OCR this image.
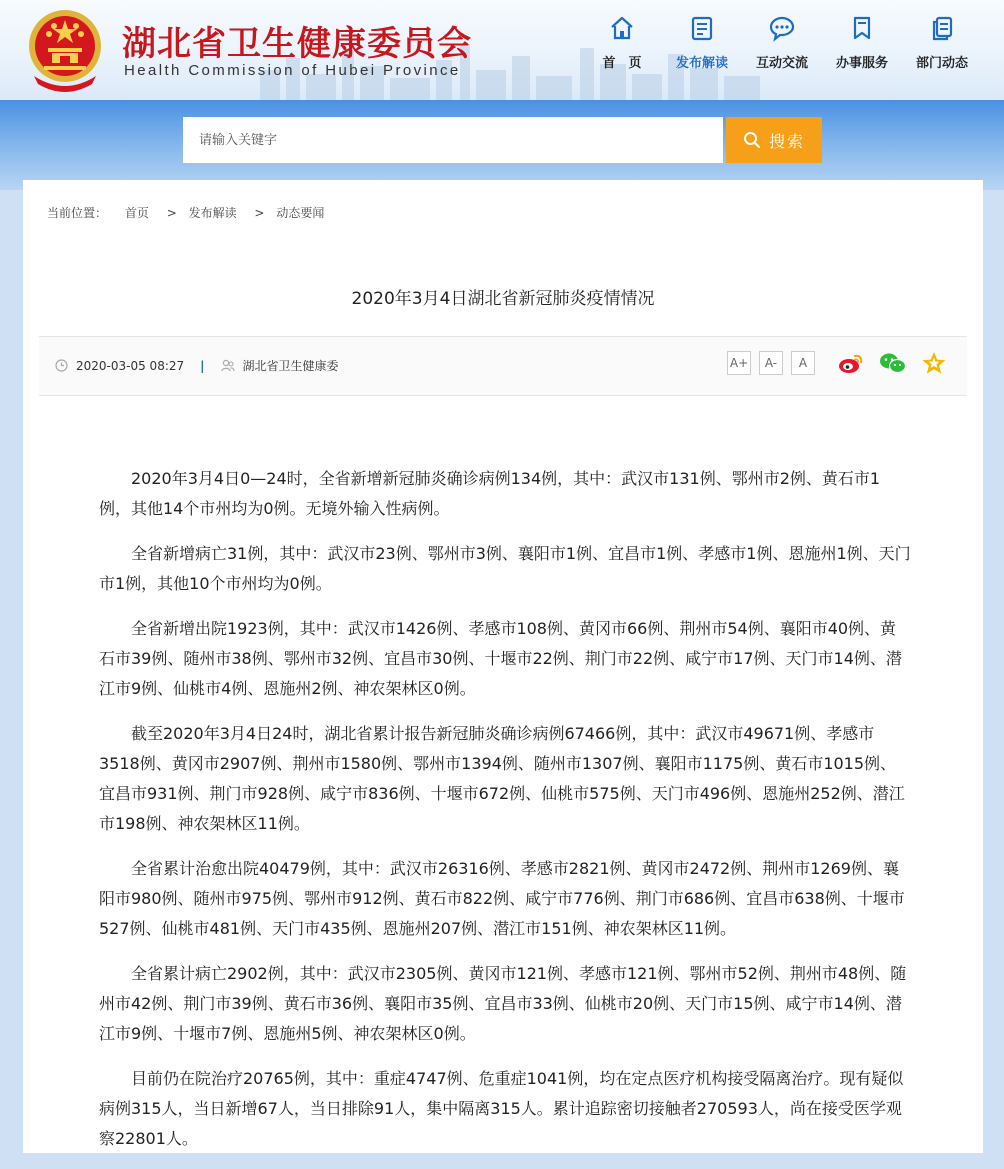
湖北省卫生健康委员会
Health Commission of Hubei Province	首　页	发布解读	互动交流	办事服务	部门动态
请输入关键字
搜索
当前位置： 首页 > 发布解读 > 动态要闻
2020年3月4日湖北省新冠肺炎疫情情况
2020-03-05 08:27 |	湖北省卫生健康委	A+	A-	A

2020年3月4日0—24时，全省新增新冠肺炎确诊病例134例，其中：武汉市131例、鄂州市2例、黄石市1例，其他14个市州均为0例。无境外输入性病例。

全省新增病亡31例，其中：武汉市23例、鄂州市3例、襄阳市1例、宜昌市1例、孝感市1例、恩施州1例、天门市1例，其他10个市州均为0例。

全省新增出院1923例，其中：武汉市1426例、孝感市108例、黄冈市66例、荆州市54例、襄阳市40例、黄石市39例、随州市38例、鄂州市32例、宜昌市30例、十堰市22例、荆门市22例、咸宁市17例、天门市14例、潜江市9例、仙桃市4例、恩施州2例、神农架林区0例。

截至2020年3月4日24时，湖北省累计报告新冠肺炎确诊病例67466例，其中：武汉市49671例、孝感市3518例、黄冈市2907例、荆州市1580例、鄂州市1394例、随州市1307例、襄阳市1175例、黄石市1015例、宜昌市931例、荆门市928例、咸宁市836例、十堰市672例、仙桃市575例、天门市496例、恩施州252例、潜江市198例、神农架林区11例。

全省累计治愈出院40479例，其中：武汉市26316例、孝感市2821例、黄冈市2472例、荆州市1269例、襄阳市980例、随州市975例、鄂州市912例、黄石市822例、咸宁市776例、荆门市686例、宜昌市638例、十堰市527例、仙桃市481例、天门市435例、恩施州207例、潜江市151例、神农架林区11例。

全省累计病亡2902例，其中：武汉市2305例、黄冈市121例、孝感市121例、鄂州市52例、荆州市48例、随州市42例、荆门市39例、黄石市36例、襄阳市35例、宜昌市33例、仙桃市20例、天门市15例、咸宁市14例、潜江市9例、十堰市7例、恩施州5例、神农架林区0例。

目前仍在院治疗20765例，其中：重症4747例、危重症1041例，均在定点医疗机构接受隔离治疗。现有疑似病例315人，当日新增67人，当日排除91人，集中隔离315人。累计追踪密切接触者270593人，尚在接受医学观察22801人。
